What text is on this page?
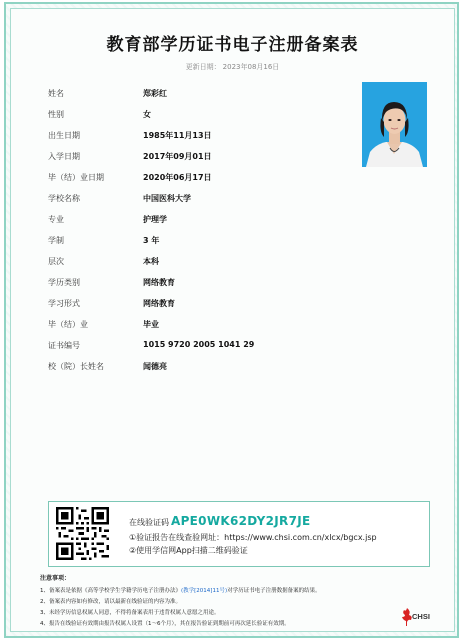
教育部学历证书电子注册备案表
更新日期： 2023年08月16日
姓名	郑彩红
性别	女
出生日期	1985年11月13日
入学日期	2017年09月01日
毕（结）业日期	2020年06月17日
学校名称	中国医科大学
专业	护理学
学制	3 年
层次	本科
学历类别	网络教育
学习形式	网络教育
毕（结）业	毕业
证书编号	1015 9720 2005 1041 29
校（院）长姓名	闻德亮
在线验证码 APE0WK62DY2JR7JE
①验证报告在线查验网址：https://www.chsi.com.cn/xlcx/bgcx.jsp
②使用学信网App扫描二维码验证
注意事项：
1、备案表是依据《高等学校学生学籍学历电子注册办法》(教学[2014]11号)对学历证书电子注册数据备案的结果。
2、备案表内容如有修改，请以最新在线验证的内容为准。
3、未经学历信息权属人同意，不得将备案表用于违背权属人意愿之用途。
4、报告在线验证有效期由报告权属人设置（1～6个月），其在报告验证到期前可再次延长验证有效期。
CHSI
